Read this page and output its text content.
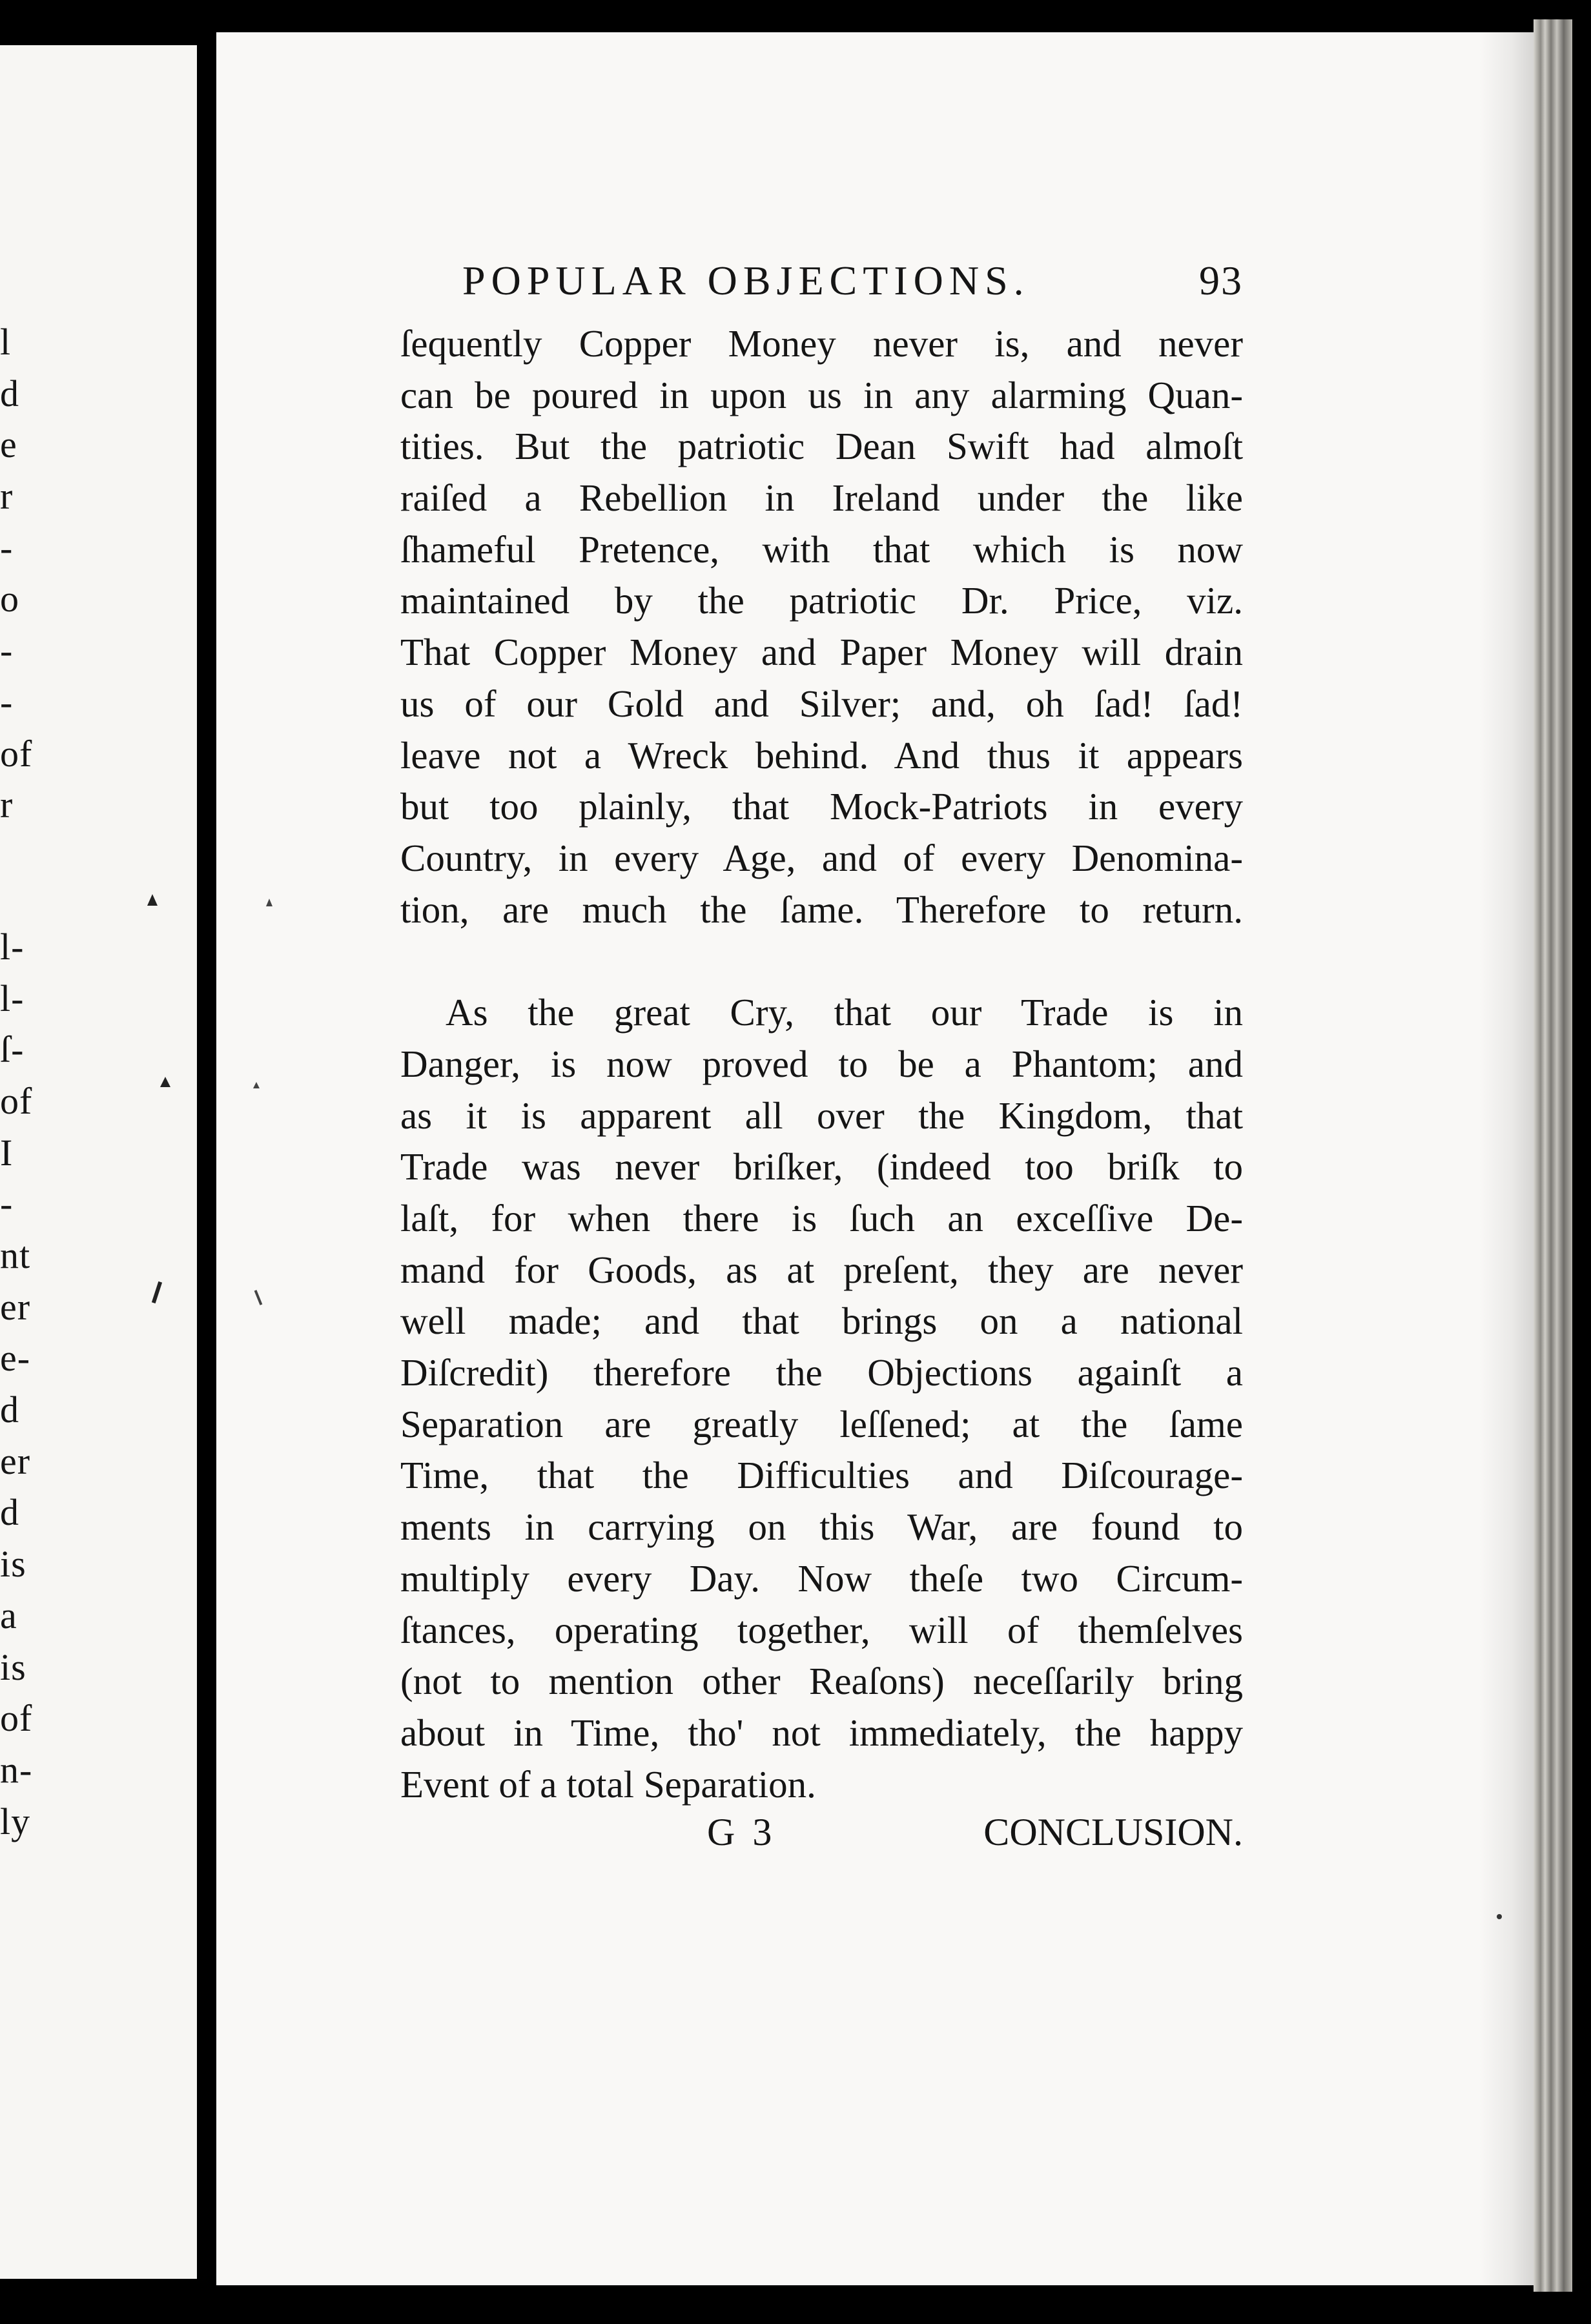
l
d
e
r
-
o
-
-
of
r
l-
l-
ſ-
of
I
-
nt
er
e-
d
er
d
is
a
is
of
n-
ly
POPULAR OBJECTIONS.	93
ſequently Copper Money never is, and never
can be poured in upon us in any alarming Quan-
tities. But the patriotic Dean Swift had almoſt
raiſed a Rebellion in Ireland under the like
ſhameful Pretence, with that which is now
maintained by the patriotic Dr. Price, viz.
That Copper Money and Paper Money will drain
us of our Gold and Silver; and, oh ſad! ſad!
leave not a Wreck behind. And thus it appears
but too plainly, that Mock-Patriots in every
Country, in every Age, and of every Denomina-
tion, are much the ſame. Therefore to return.
As the great Cry, that our Trade is in
Danger, is now proved to be a Phantom; and
as it is apparent all over the Kingdom, that
Trade was never briſker, (indeed too briſk to
laſt, for when there is ſuch an exceſſive De-
mand for Goods, as at preſent, they are never
well made; and that brings on a national
Diſcredit) therefore the Objections againſt a
Separation are greatly leſſened; at the ſame
Time, that the Difficulties and Diſcourage-
ments in carrying on this War, are found to
multiply every Day. Now theſe two Circum-
ſtances, operating together, will of themſelves
(not to mention other Reaſons) neceſſarily bring
about in Time, tho' not immediately, the happy
Event of a total Separation.
G 3	CONCLUSION.
